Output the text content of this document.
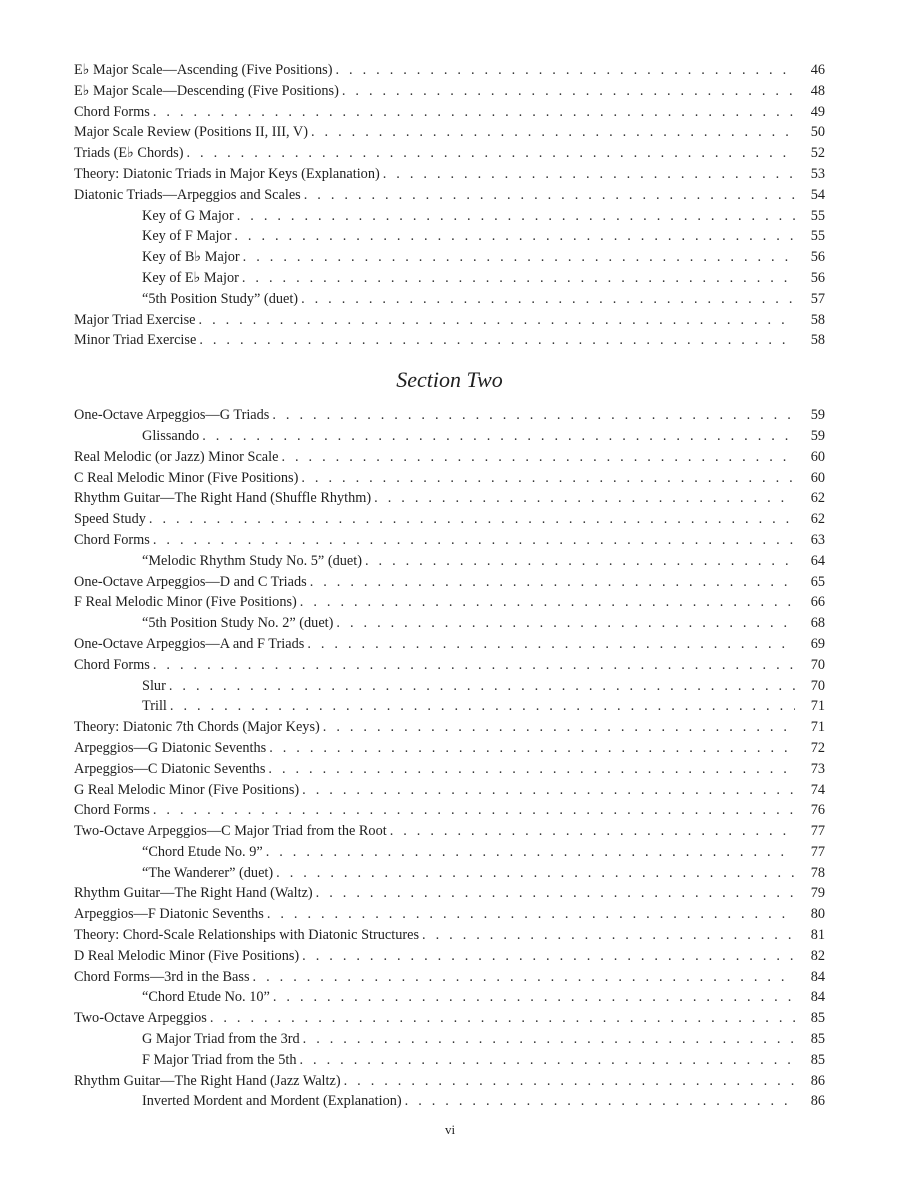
E♭ Major Scale—Ascending (Five Positions) . . .	46
E♭ Major Scale—Descending (Five Positions) . . .	48
Chord Forms . . .	49
Major Scale Review (Positions II, III, V) . . .	50
Triads (E♭ Chords) . . .	52
Theory: Diatonic Triads in Major Keys (Explanation) . . .	53
Diatonic Triads—Arpeggios and Scales . . .	54
Key of G Major . . .	55
Key of F Major . . .	55
Key of B♭ Major . . .	56
Key of E♭ Major . . .	56
“5th Position Study” (duet) . . .	57
Major Triad Exercise . . .	58
Minor Triad Exercise . . .	58
Section Two
One-Octave Arpeggios—G Triads . . .	59
Glissando . . .	59
Real Melodic (or Jazz) Minor Scale . . .	60
C Real Melodic Minor (Five Positions) . . .	60
Rhythm Guitar—The Right Hand (Shuffle Rhythm) . . .	62
Speed Study . . .	62
Chord Forms . . .	63
“Melodic Rhythm Study No. 5” (duet) . . .	64
One-Octave Arpeggios—D and C Triads . . .	65
F Real Melodic Minor (Five Positions) . . .	66
“5th Position Study No. 2” (duet) . . .	68
One-Octave Arpeggios—A and F Triads . . .	69
Chord Forms . . .	70
Slur . . .	70
Trill . . .	71
Theory: Diatonic 7th Chords (Major Keys) . . .	71
Arpeggios—G Diatonic Sevenths . . .	72
Arpeggios—C Diatonic Sevenths . . .	73
G Real Melodic Minor (Five Positions) . . .	74
Chord Forms . . .	76
Two-Octave Arpeggios—C Major Triad from the Root . . .	77
“Chord Etude No. 9” . . .	77
“The Wanderer” (duet) . . .	78
Rhythm Guitar—The Right Hand (Waltz) . . .	79
Arpeggios—F Diatonic Sevenths . . .	80
Theory: Chord-Scale Relationships with Diatonic Structures . . .	81
D Real Melodic Minor (Five Positions) . . .	82
Chord Forms—3rd in the Bass . . .	84
“Chord Etude No. 10” . . .	84
Two-Octave Arpeggios . . .	85
G Major Triad from the 3rd . . .	85
F Major Triad from the 5th . . .	85
Rhythm Guitar—The Right Hand (Jazz Waltz) . . .	86
Inverted Mordent and Mordent (Explanation) . . .	86
vi
